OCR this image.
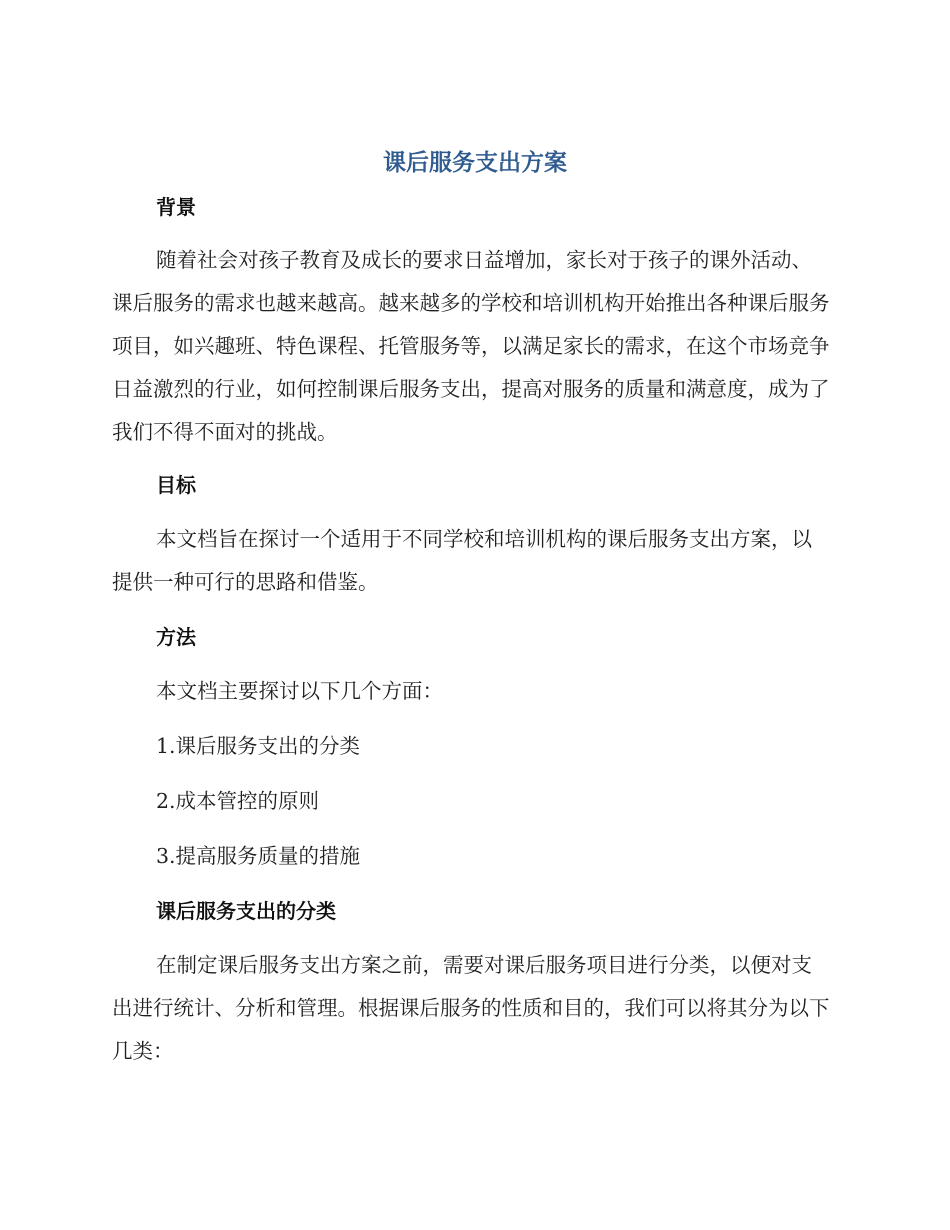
课后服务支出方案
背景

随着社会对孩子教育及成长的要求日益增加，家长对于孩子的课外活动、课后服务的需求也越来越高。越来越多的学校和培训机构开始推出各种课后服务项目，如兴趣班、特色课程、托管服务等，以满足家长的需求，在这个市场竞争日益激烈的行业，如何控制课后服务支出，提高对服务的质量和满意度，成为了我们不得不面对的挑战。

目标

本文档旨在探讨一个适用于不同学校和培训机构的课后服务支出方案，以提供一种可行的思路和借鉴。

方法

本文档主要探讨以下几个方面：

1.课后服务支出的分类

2.成本管控的原则

3.提高服务质量的措施

课后服务支出的分类

在制定课后服务支出方案之前，需要对课后服务项目进行分类，以便对支出进行统计、分析和管理。根据课后服务的性质和目的，我们可以将其分为以下几类：
